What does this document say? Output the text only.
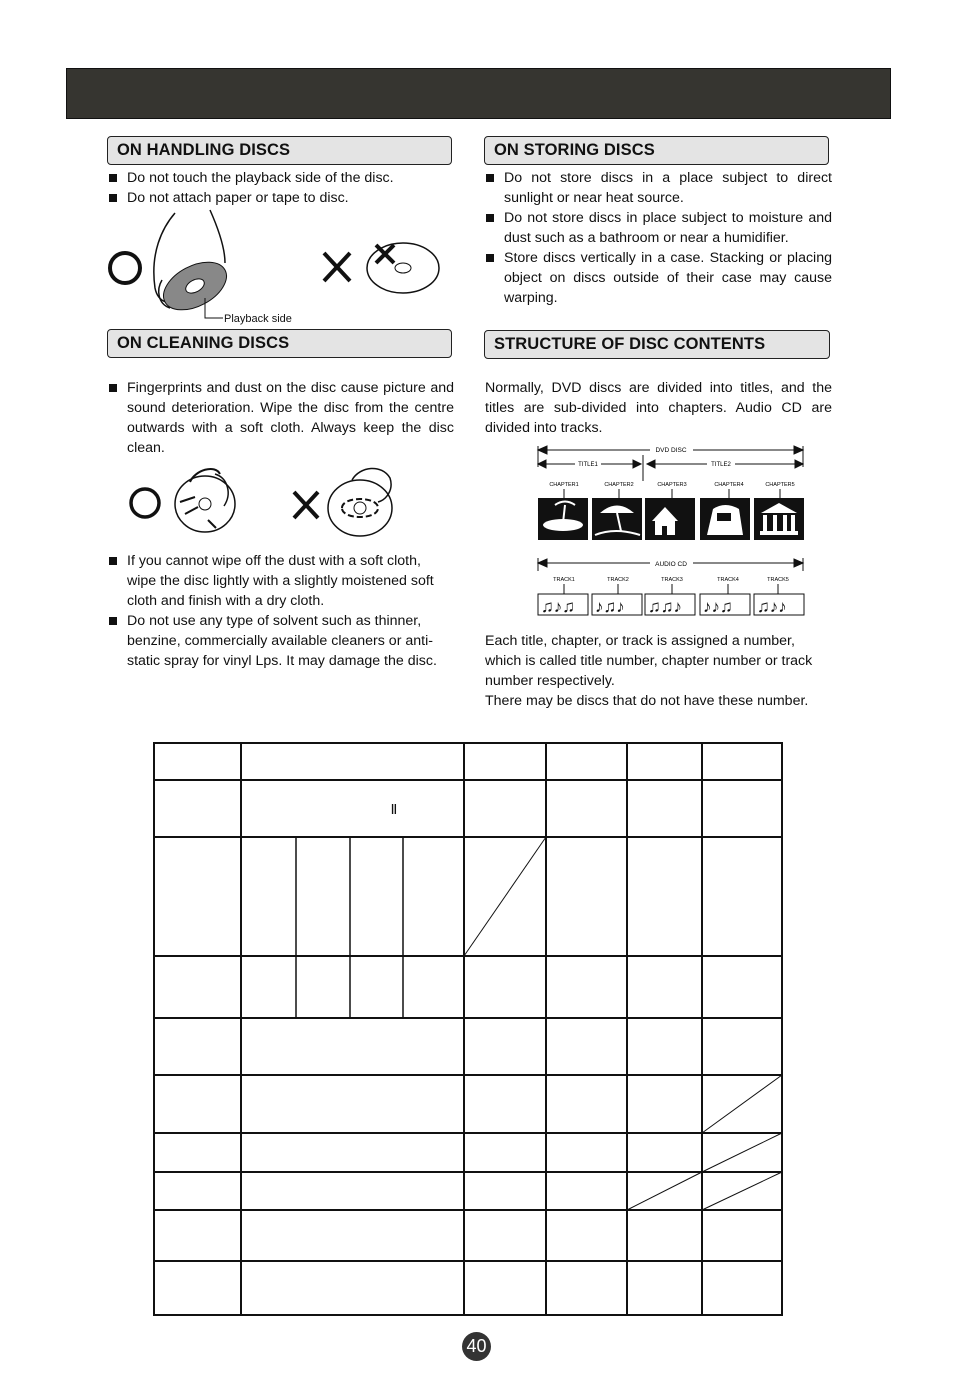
ON HANDLING DISCS
Do not touch the playback side of the disc.
Do not attach paper or tape to disc.
Playback side
ON STORING DISCS
Do not store discs in a place subject to direct sunlight or near heat source.
Do not store discs in place subject to moisture and dust such as a bathroom or near a humidifier.
Store discs vertically in a case. Stacking or placing object on discs outside of their case may cause warping.
ON CLEANING DISCS
Fingerprints and dust on the disc cause picture and sound deterioration. Wipe the disc from the centre outwards with a soft cloth. Always keep the disc clean.
If you cannot wipe off the dust with a soft cloth, wipe the disc lightly with a slightly moistened soft cloth and finish with a dry cloth.
Do not use any type of solvent such as thinner, benzine, commercially available cleaners or anti-static spray for vinyl Lps. It may damage the disc.
STRUCTURE OF DISC CONTENTS
Normally, DVD discs are divided into titles, and the titles are sub-divided into chapters. Audio CD are divided into tracks.
DVD DISC
TITLE1	TITLE2
CHAPTER1	CHAPTER2	CHAPTER3	CHAPTER4	CHAPTER5
AUDIO CD
TRACK1	TRACK2	TRACK3	TRACK4	TRACK5
♫♪♫ ♪♫♪ ♫♫♪ ♪♪♫ ♫♪♪
Each title, chapter, or track is assigned a number, which is called title number, chapter number or track number respectively.
There may be discs that do not have these number.
Ⅱ
40
